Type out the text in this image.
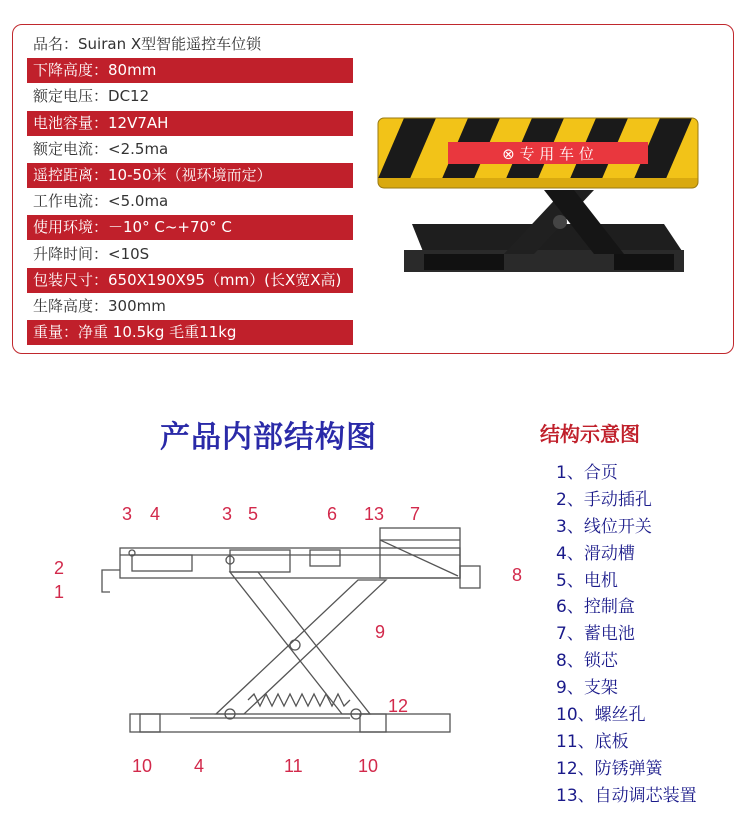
品名：Suiran X型智能遥控车位锁
下降高度：80mm
额定电压：DC12
电池容量：12V7AH
额定电流：<2.5ma
遥控距离：10-50米（视环境而定）
工作电流：<5.0ma
使用环境：－10° C~+70° C
升降时间：<10S
包装尺寸：650X190X95（mm）(长X宽X高)
生降高度：300mm
重量：净重 10.5kg 毛重11kg
⊗ 专 用 车 位
产品内部结构图	结构示意图
1、合页
2、手动插孔
3、线位开关
4、滑动槽
5、电机
6、控制盒
7、蓄电池
8、锁芯
9、支架
10、螺丝孔
11、底板
12、防锈弹簧
13、自动调芯装置
3 4	3 5	6 13 7
2
1
8
9
12
10 4	11	10
